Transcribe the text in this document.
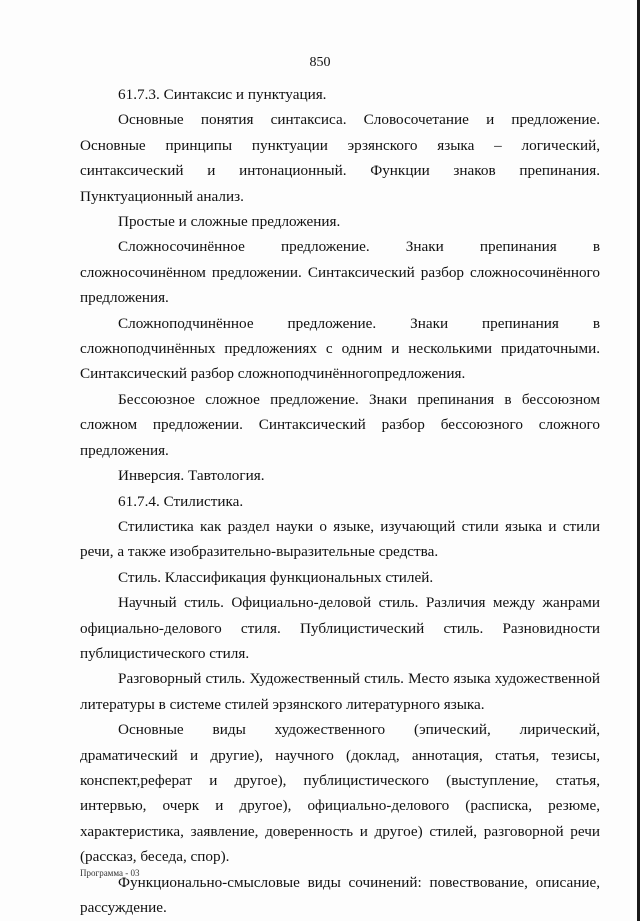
850

61.7.3. Синтаксис и пунктуация.

Основные понятия синтаксиса. Словосочетание и предложение. Основные принципы пунктуации эрзянского языка – логический, синтаксический и интонационный. Функции знаков препинания. Пунктуационный анализ.

Простые и сложные предложения.

Сложносочинённое предложение. Знаки препинания в сложносочинённом предложении. Синтаксический разбор сложносочинённого предложения.

Сложноподчинённое предложение. Знаки препинания в сложноподчинённых предложениях с одним и несколькими придаточными. Синтаксический разбор сложноподчинённогопредложения.

Бессоюзное сложное предложение. Знаки препинания в бессоюзном сложном предложении. Синтаксический разбор бессоюзного сложного предложения.

Инверсия. Тавтология.

61.7.4. Стилистика.

Стилистика как раздел науки о языке, изучающий стили языка и стили речи, а также изобразительно-выразительные средства.

Стиль. Классификация функциональных стилей.

Научный стиль. Официально-деловой стиль. Различия между жанрами официально-делового стиля. Публицистический стиль. Разновидности публицистического стиля.

Разговорный стиль. Художественный стиль. Место языка художественной литературы в системе стилей эрзянского литературного языка.

Основные виды художественного (эпический, лирический, драматический и другие), научного (доклад, аннотация, статья, тезисы, конспект,реферат и другое), публицистического (выступление, статья, интервью, очерк и другое), официально-делового (расписка, резюме, характеристика, заявление, доверенность и другое) стилей, разговорной речи (рассказ, беседа, спор).

Функционально-смысловые виды сочинений: повествование, описание, рассуждение.

Программа - 03
